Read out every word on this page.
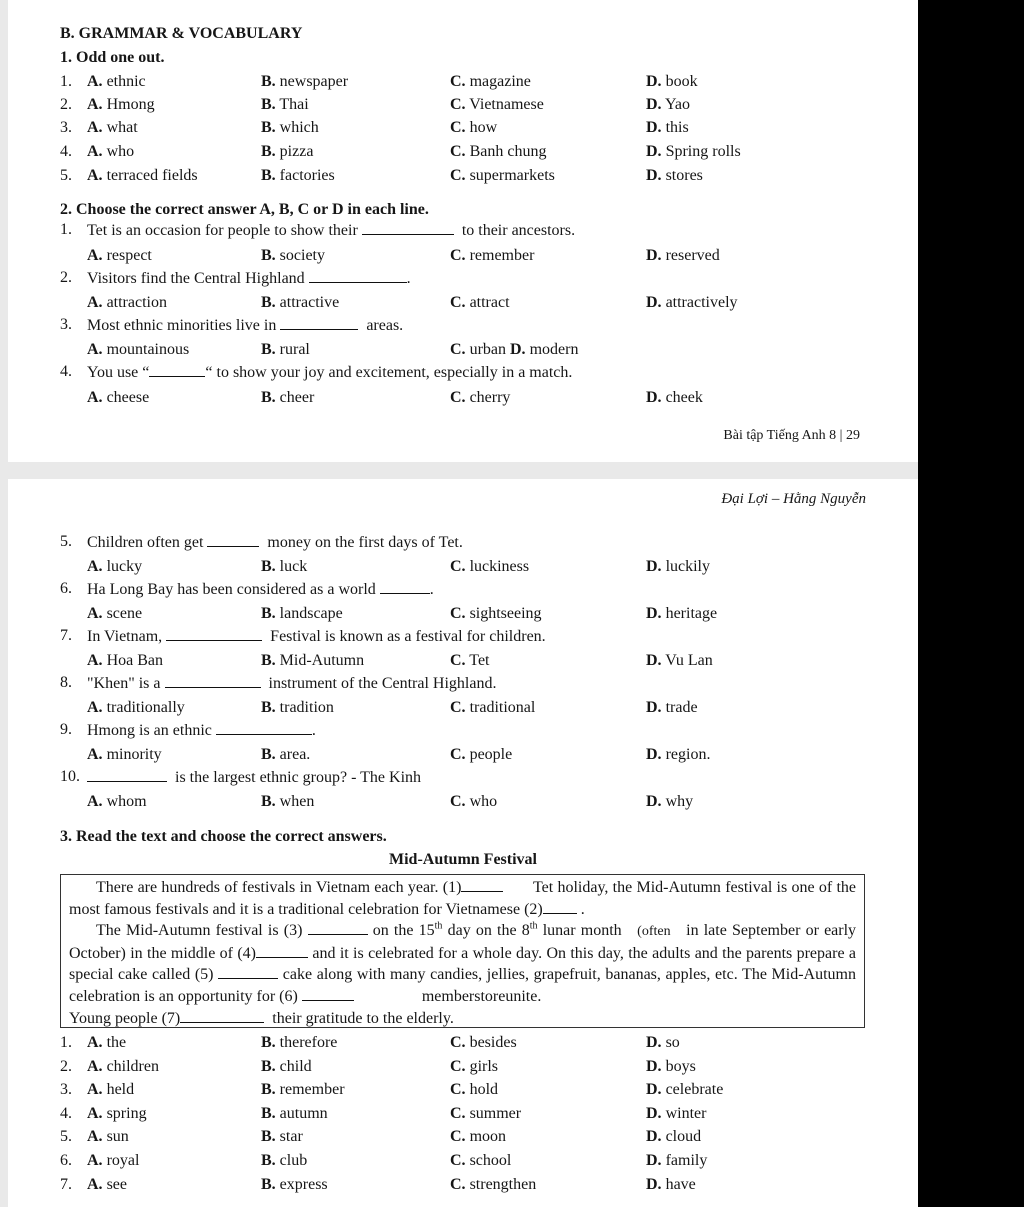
B. GRAMMAR & VOCABULARY
1. Odd one out.
1. A. ethnic	B. newspaper	C. magazine	D. book
2. A. Hmong	B. Thai	C. Vietnamese	D. Yao
3. A. what	B. which	C. how	D. this
4. A. who	B. pizza	C. Banh chung	D. Spring rolls
5. A. terraced fields	B. factories	C. supermarkets	D. stores
2. Choose the correct answer A, B, C or D in each line.
1. Tet is an occasion for people to show their	to their ancestors.
A. respect	B. society	C. remember	D. reserved
2. Visitors find the Central Highland	.
A. attraction	B. attractive	C. attract	D. attractively
3. Most ethnic minorities live in	areas.
A. mountainous	B. rural	C. urban D. modern
4. You use “	“ to show your joy and excitement, especially in a match.
A. cheese	B. cheer	C. cherry	D. cheek
Bài tập Tiếng Anh 8 | 29
Đại Lợi – Hằng Nguyễn
5. Children often get	money on the first days of Tet.
A. lucky	B. luck	C. luckiness	D. luckily
6. Ha Long Bay has been considered as a world	.
A. scene	B. landscape	C. sightseeing	D. heritage
7. In Vietnam,	Festival is known as a festival for children.
A. Hoa Ban	B. Mid-Autumn	C. Tet	D. Vu Lan
8. "Khen" is a	instrument of the Central Highland.
A. traditionally	B. tradition	C. traditional	D. trade
9. Hmong is an ethnic	.
A. minority	B. area.	C. people	D. region.
10.	is the largest ethnic group? - The Kinh
A. whom	B. when	C. who	D. why
3. Read the text and choose the correct answers.
Mid-Autumn Festival

There are hundreds of festivals in Vietnam each year. (1)	Tet holiday, the Mid-Autumn festival is one of the most famous festivals and it is a traditional celebration for Vietnamese (2) .

The Mid-Autumn festival is (3)	on the 15th day on the 8th lunar month (often in late September or early October) in the middle of (4)	and it is celebrated for a whole day. On this day, the adults and the parents prepare a special cake called (5)	cake along with many candies, jellies, grapefruit, bananas, apples, etc. The Mid-Autumn celebration is an opportunity for (6)	memberstoreunite.

Young people (7)	their gratitude to the elderly.

1. A. the	B. therefore	C. besides	D. so
2. A. children	B. child	C. girls	D. boys
3. A. held	B. remember	C. hold	D. celebrate
4. A. spring	B. autumn	C. summer	D. winter
5. A. sun	B. star	C. moon	D. cloud
6. A. royal	B. club	C. school	D. family
7. A. see	B. express	C. strengthen	D. have
